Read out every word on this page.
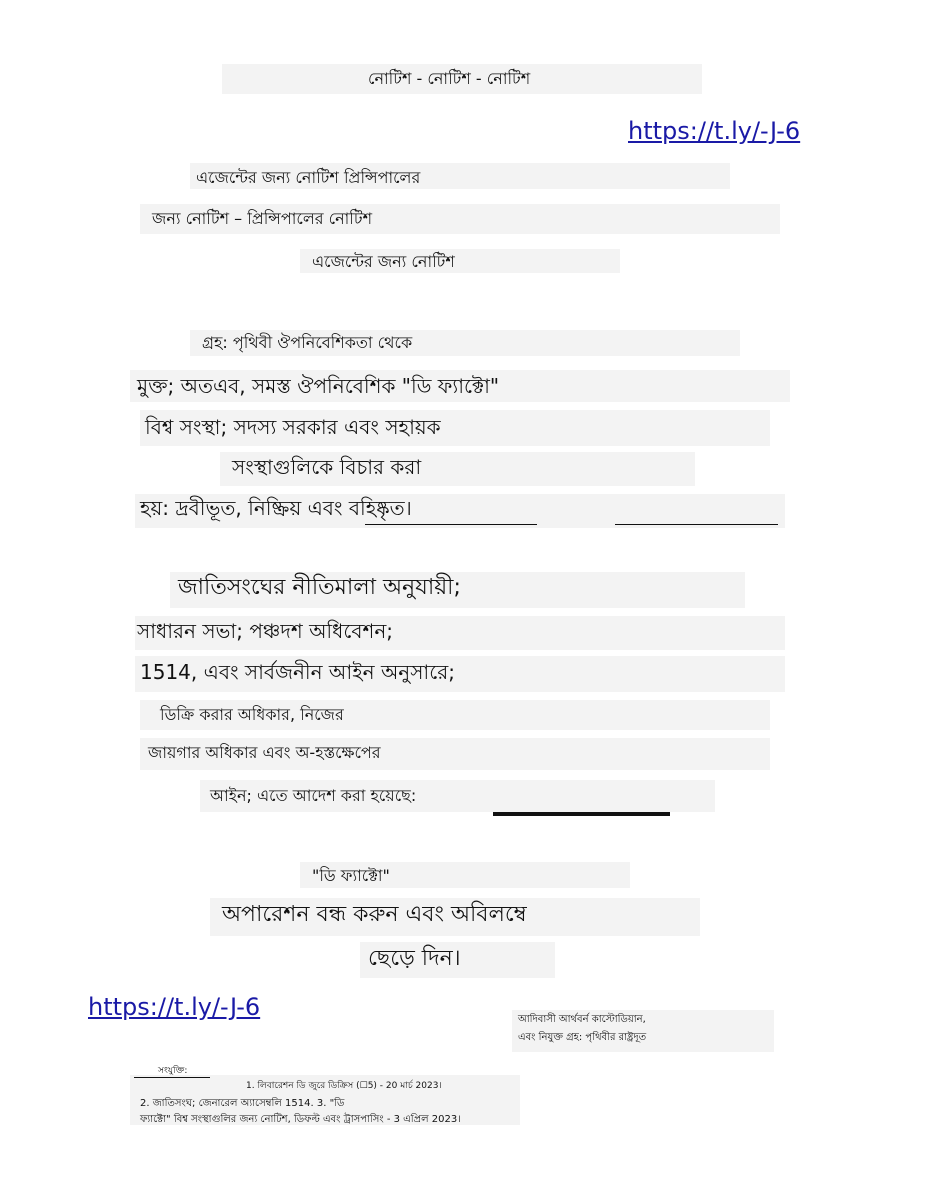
নোটিশ - নোটিশ - নোটিশ
https://t.ly/-J-6
এজেন্টের জন্য নোটিশ প্রিন্সিপালের
জন্য নোটিশ – প্রিন্সিপালের নোটিশ
এজেন্টের জন্য নোটিশ
গ্রহ: পৃথিবী ঔপনিবেশিকতা থেকে
মুক্ত; অতএব, সমস্ত ঔপনিবেশিক "ডি ফ্যাক্টো"
বিশ্ব সংস্থা; সদস্য সরকার এবং সহায়ক
সংস্থাগুলিকে বিচার করা
হয়: দ্রবীভূত, নিষ্ক্রিয় এবং বহিষ্কৃত।
জাতিসংঘের নীতিমালা অনুযায়ী;
সাধারন সভা; পঞ্চদশ অধিবেশন;
1514, এবং সার্বজনীন আইন অনুসারে;
ডিক্রি করার অধিকার, নিজের
জায়গার অধিকার এবং অ-হস্তক্ষেপের
আইন; এতে আদেশ করা হয়েছে:
"ডি ফ্যাক্টো"
অপারেশন বন্ধ করুন এবং অবিলম্বে
ছেড়ে দিন।
https://t.ly/-J-6	আদিবাসী আর্থবর্ন কাস্টোডিয়ান,
এবং নিযুক্ত গ্রহ: পৃথিবীর রাষ্ট্রদূত
সংযুক্তি:
1. লিবারেশন ডি জুরে ডিক্রিস (☐5) - 20 মার্চ 2023।
2. জাতিসংঘ; জেনারেল অ্যাসেম্বলি 1514. 3. "ডি
ফ্যাক্টো" বিশ্ব সংস্থাগুলির জন্য নোটিশ, ডিফল্ট এবং ট্রাসপাসিং - 3 এপ্রিল 2023।
